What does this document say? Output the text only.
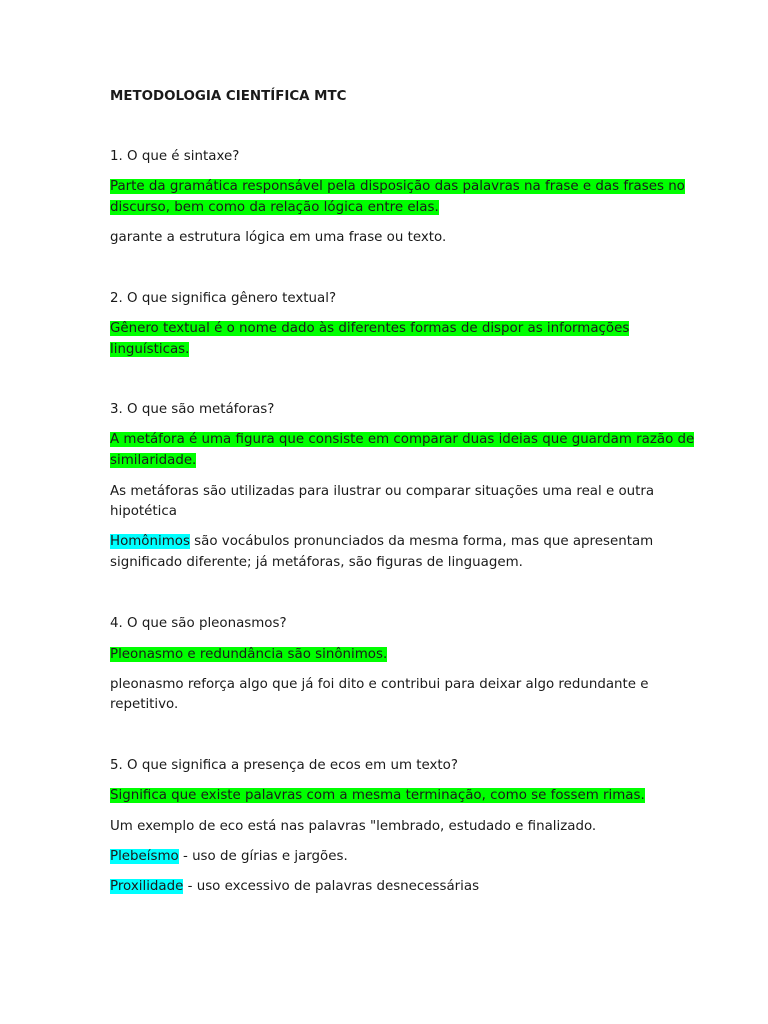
METODOLOGIA CIENTÍFICA MTC

1. O que é sintaxe?

Parte da gramática responsável pela disposição das palavras na frase e das frases no

discurso, bem como da relação lógica entre elas.

garante a estrutura lógica em uma frase ou texto.

2. O que significa gênero textual?

Gênero textual é o nome dado às diferentes formas de dispor as informações

linguísticas.

3. O que são metáforas?

A metáfora é uma figura que consiste em comparar duas ideias que guardam razão de

similaridade.

As metáforas são utilizadas para ilustrar ou comparar situações uma real e outra

hipotética

Homônimos são vocábulos pronunciados da mesma forma, mas que apresentam

significado diferente; já metáforas, são figuras de linguagem.

4. O que são pleonasmos?

Pleonasmo e redundância são sinônimos.

pleonasmo reforça algo que já foi dito e contribui para deixar algo redundante e

repetitivo.

5. O que significa a presença de ecos em um texto?

Significa que existe palavras com a mesma terminação, como se fossem rimas.

Um exemplo de eco está nas palavras "lembrado, estudado e finalizado.

Plebeísmo - uso de gírias e jargões.

Proxilidade - uso excessivo de palavras desnecessárias
